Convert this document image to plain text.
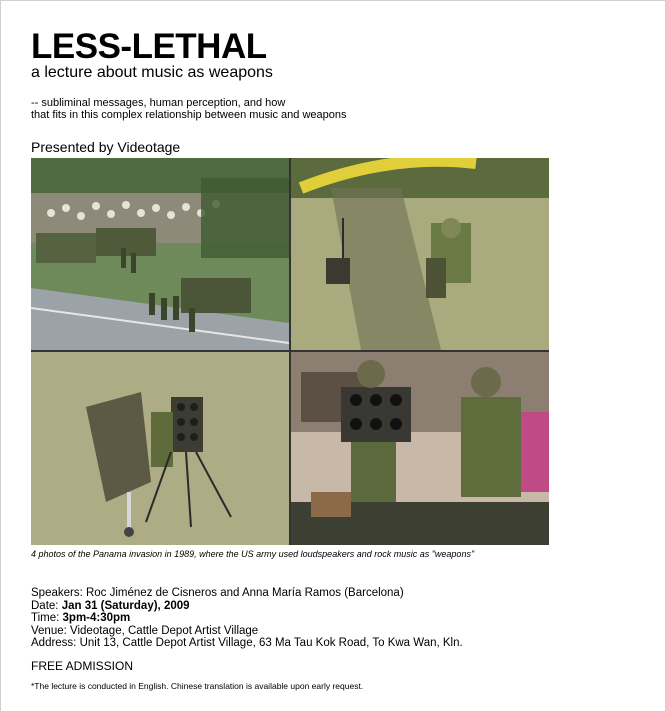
LESS-LETHAL
a lecture about music as weapons
-- subliminal messages, human perception, and how
that fits in this complex relationship between music and weapons
Presented by Videotage
4 photos of the Panama invasion in 1989, where the US army used loudspeakers and rock music as "weapons"
Speakers: Roc Jiménez de Cisneros and Anna María Ramos (Barcelona)
Date: Jan 31 (Saturday), 2009
Time: 3pm-4:30pm
Venue: Videotage, Cattle Depot Artist Village
Address: Unit 13, Cattle Depot Artist Village, 63 Ma Tau Kok Road, To Kwa Wan, Kln.
FREE ADMISSION
*The lecture is conducted in English. Chinese translation is available upon early request.
